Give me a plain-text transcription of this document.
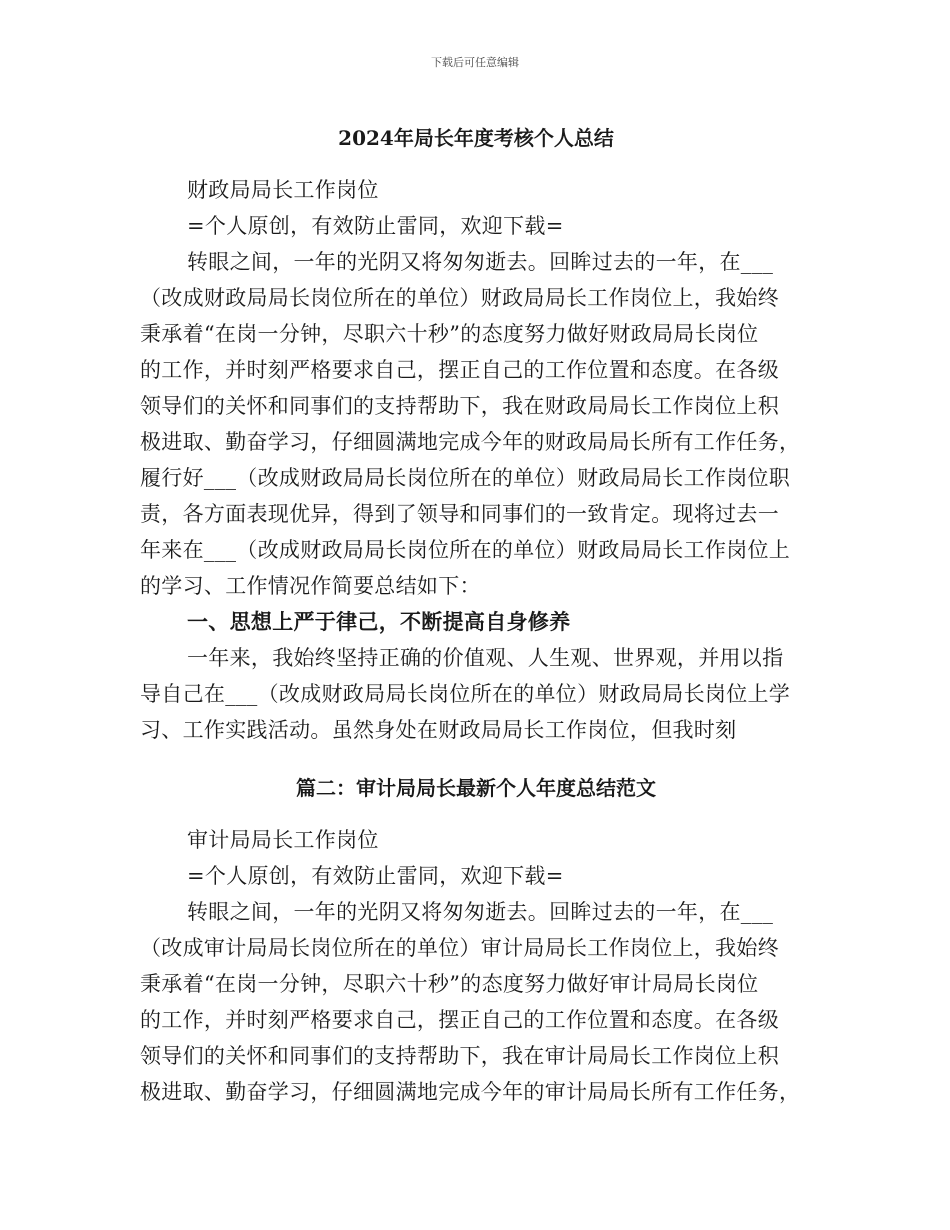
下载后可任意编辑
2024年局长年度考核个人总结
财政局局长工作岗位
=个人原创，有效防止雷同，欢迎下载=
转眼之间，一年的光阴又将匆匆逝去。回眸过去的一年，在___
（改成财政局局长岗位所在的单位）财政局局长工作岗位上，我始终
秉承着“在岗一分钟，尽职六十秒”的态度努力做好财政局局长岗位
的工作，并时刻严格要求自己，摆正自己的工作位置和态度。在各级
领导们的关怀和同事们的支持帮助下，我在财政局局长工作岗位上积
极进取、勤奋学习，仔细圆满地完成今年的财政局局长所有工作任务，
履行好___（改成财政局局长岗位所在的单位）财政局局长工作岗位职
责，各方面表现优异，得到了领导和同事们的一致肯定。现将过去一
年来在___（改成财政局局长岗位所在的单位）财政局局长工作岗位上
的学习、工作情况作简要总结如下：
一、思想上严于律己，不断提高自身修养
一年来，我始终坚持正确的价值观、人生观、世界观，并用以指
导自己在___（改成财政局局长岗位所在的单位）财政局局长岗位上学
习、工作实践活动。虽然身处在财政局局长工作岗位，但我时刻
篇二：审计局局长最新个人年度总结范文
审计局局长工作岗位
=个人原创，有效防止雷同，欢迎下载=
转眼之间，一年的光阴又将匆匆逝去。回眸过去的一年，在___
（改成审计局局长岗位所在的单位）审计局局长工作岗位上，我始终
秉承着“在岗一分钟，尽职六十秒”的态度努力做好审计局局长岗位
的工作，并时刻严格要求自己，摆正自己的工作位置和态度。在各级
领导们的关怀和同事们的支持帮助下，我在审计局局长工作岗位上积
极进取、勤奋学习，仔细圆满地完成今年的审计局局长所有工作任务，
